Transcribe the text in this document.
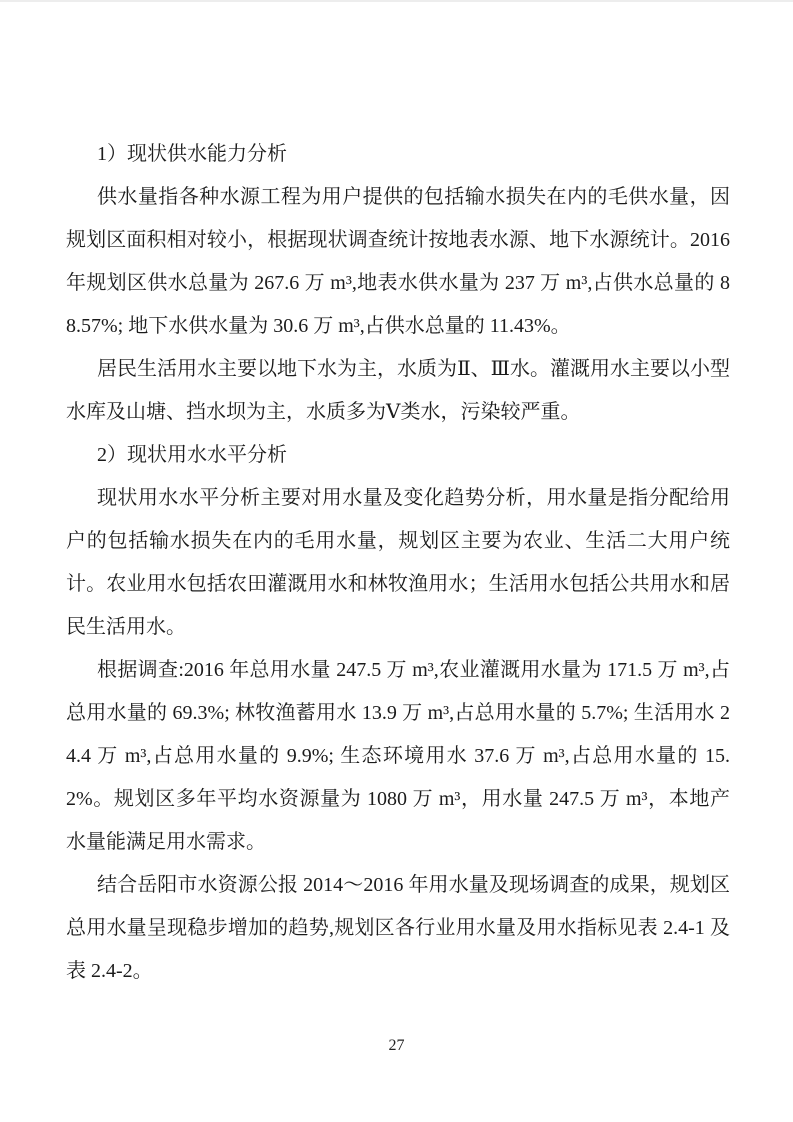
1）现状供水能力分析

供水量指各种水源工程为用户提供的包括输水损失在内的毛供水量，因规划区面积相对较小，根据现状调查统计按地表水源、地下水源统计。2016 年规划区供水总量为 267.6 万 m³,地表水供水量为 237 万 m³,占供水总量的 88.57%; 地下水供水量为 30.6 万 m³,占供水总量的 11.43%。

居民生活用水主要以地下水为主，水质为Ⅱ、Ⅲ水。灌溉用水主要以小型水库及山塘、挡水坝为主，水质多为Ⅴ类水，污染较严重。

2）现状用水水平分析

现状用水水平分析主要对用水量及变化趋势分析，用水量是指分配给用户的包括输水损失在内的毛用水量，规划区主要为农业、生活二大用户统计。农业用水包括农田灌溉用水和林牧渔用水；生活用水包括公共用水和居民生活用水。

根据调查:2016 年总用水量 247.5 万 m³,农业灌溉用水量为 171.5 万 m³,占总用水量的 69.3%; 林牧渔蓄用水 13.9 万 m³,占总用水量的 5.7%; 生活用水 24.4 万 m³,占总用水量的 9.9%; 生态环境用水 37.6 万 m³,占总用水量的 15.2%。规划区多年平均水资源量为 1080 万 m³，用水量 247.5 万 m³，本地产水量能满足用水需求。

结合岳阳市水资源公报 2014～2016 年用水量及现场调查的成果，规划区总用水量呈现稳步增加的趋势,规划区各行业用水量及用水指标见表 2.4-1 及表 2.4-2。

27
